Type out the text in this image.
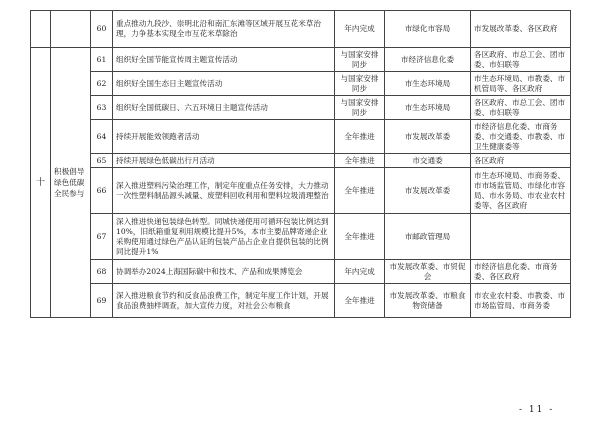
		60	重点推动九段沙、崇明北沿和南汇东滩等区域开展互花米草治理，力争基本实现全市互花米草除治	年内完成	市绿化市容局	市发展改革委、各区政府
十	积极倡导绿色低碳全民参与	61	组织好全国节能宣传周主题宣传活动	与国家安排同步	市经济信息化委	各区政府、市总工会、团市委、市妇联等
		62	组织好全国生态日主题宣传活动	与国家安排同步	市生态环境局	市生态环境局、市教委、市机管局等、各区政府
		63	组织好全国低碳日、六五环境日主题宣传活动	与国家安排同步	市生态环境局	各区政府、市总工会、团市委、市妇联等
		64	持续开展能效领跑者活动	全年推进	市发展改革委	市经济信息化委、市商务委、市交通委、市教委、市卫生健康委等
		65	持续开展绿色低碳出行月活动	全年推进	市交通委	各区政府
		66	深入推进塑料污染治理工作，制定年度重点任务安排，大力推动一次性塑料制品源头减量、废塑料回收利用和塑料垃圾清理整治	全年推进	市发展改革委	市生态环境局、市商务委、市市场监管局、市绿化市容局、市水务局、市农业农村委等、各区政府
		67	深入推进快递包装绿色转型。同城快递使用可循环包装比例达到10%，旧纸箱重复利用规模比提升5%，本市主要品牌寄递企业采购使用通过绿色产品认证的包装产品占企业自提供包装的比例同比提升1%	全年推进	市邮政管理局	
		68	协调举办2024上海国际碳中和技术、产品和成果博览会	年内完成	市发展改革委、市贸促会	市经济信息化委、市商务委、各区政府
		69	深入推进粮食节约和反食品浪费工作，制定年度工作计划，开展食品浪费抽样调查，加大宣传力度，对社会公布粮食	全年推进	市发展改革委、市粮食物资储备	市农业农村委、市教委、市市场监管局、市商务委
- 11 -
